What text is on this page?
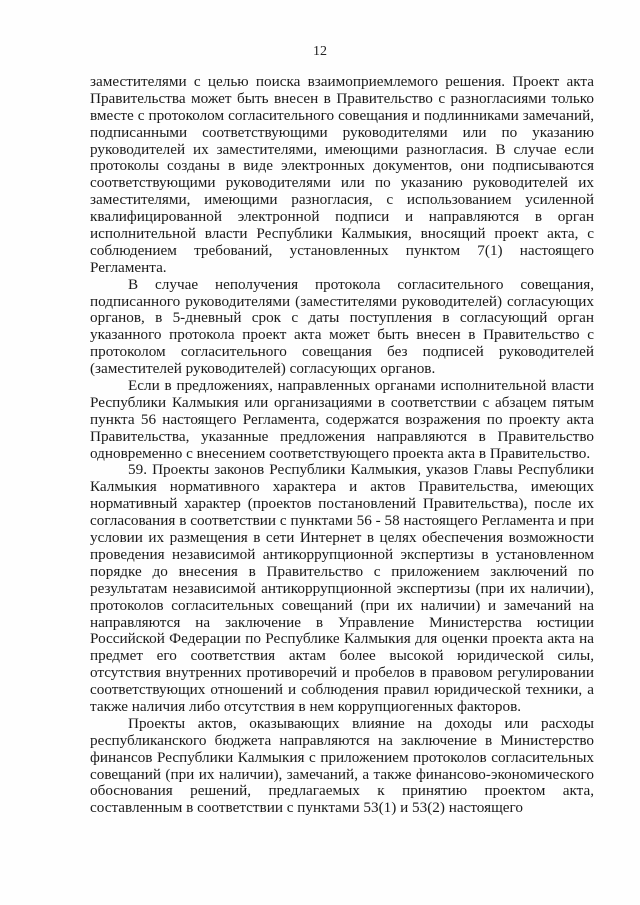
12
заместителями с целью поиска взаимоприемлемого решения. Проект акта
Правительства может быть внесен в Правительство с разногласиями только
вместе с протоколом согласительного совещания и подлинниками замечаний,
подписанными соответствующими руководителями или по указанию
руководителей их заместителями, имеющими разногласия. В случае если
протоколы созданы в виде электронных документов, они подписываются
соответствующими руководителями или по указанию руководителей их
заместителями, имеющими разногласия, с использованием усиленной
квалифицированной электронной подписи и направляются в орган
исполнительной власти Республики Калмыкия, вносящий проект акта, с
соблюдением требований, установленных пунктом 7(1) настоящего
Регламента.
В случае неполучения протокола согласительного совещания,
подписанного руководителями (заместителями руководителей) согласующих
органов, в 5-дневный срок с даты поступления в согласующий орган
указанного протокола проект акта может быть внесен в Правительство с
протоколом согласительного совещания без подписей руководителей
(заместителей руководителей) согласующих органов.
Если в предложениях, направленных органами исполнительной власти
Республики Калмыкия или организациями в соответствии с абзацем пятым
пункта 56 настоящего Регламента, содержатся возражения по проекту акта
Правительства, указанные предложения направляются в Правительство
одновременно с внесением соответствующего проекта акта в Правительство.
59. Проекты законов Республики Калмыкия, указов Главы Республики
Калмыкия нормативного характера и актов Правительства, имеющих
нормативный характер (проектов постановлений Правительства), после их
согласования в соответствии с пунктами 56 - 58 настоящего Регламента и при
условии их размещения в сети Интернет в целях обеспечения возможности
проведения независимой антикоррупционной экспертизы в установленном
порядке до внесения в Правительство с приложением заключений по
результатам независимой антикоррупционной экспертизы (при их наличии),
протоколов согласительных совещаний (при их наличии) и замечаний на
направляются на заключение в Управление Министерства юстиции
Российской Федерации по Республике Калмыкия для оценки проекта акта на
предмет его соответствия актам более высокой юридической силы,
отсутствия внутренних противоречий и пробелов в правовом регулировании
соответствующих отношений и соблюдения правил юридической техники, а
также наличия либо отсутствия в нем коррупциогенных факторов.
Проекты актов, оказывающих влияние на доходы или расходы
республиканского бюджета направляются на заключение в Министерство
финансов Республики Калмыкия с приложением протоколов согласительных
совещаний (при их наличии), замечаний, а также финансово-экономического
обоснования решений, предлагаемых к принятию проектом акта,
составленным в соответствии с пунктами 53(1) и 53(2) настоящего
